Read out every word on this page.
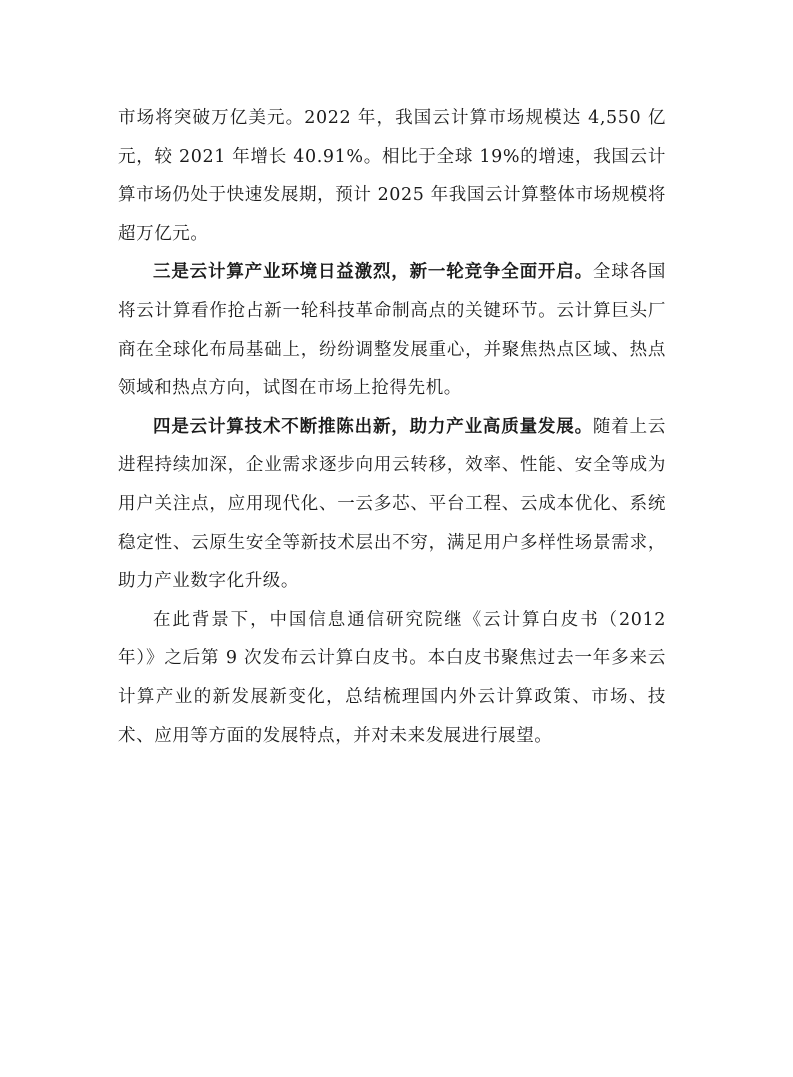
市场将突破万亿美元。2022 年，我国云计算市场规模达 4,550 亿元，较 2021 年增长 40.91%。相比于全球 19%的增速，我国云计算市场仍处于快速发展期，预计 2025 年我国云计算整体市场规模将超万亿元。

三是云计算产业环境日益激烈，新一轮竞争全面开启。全球各国将云计算看作抢占新一轮科技革命制高点的关键环节。云计算巨头厂商在全球化布局基础上，纷纷调整发展重心，并聚焦热点区域、热点领域和热点方向，试图在市场上抢得先机。

四是云计算技术不断推陈出新，助力产业高质量发展。随着上云进程持续加深，企业需求逐步向用云转移，效率、性能、安全等成为用户关注点，应用现代化、一云多芯、平台工程、云成本优化、系统稳定性、云原生安全等新技术层出不穷，满足用户多样性场景需求，助力产业数字化升级。

在此背景下，中国信息通信研究院继《云计算白皮书（2012 年）》之后第 9 次发布云计算白皮书。本白皮书聚焦过去一年多来云计算产业的新发展新变化，总结梳理国内外云计算政策、市场、技术、应用等方面的发展特点，并对未来发展进行展望。
